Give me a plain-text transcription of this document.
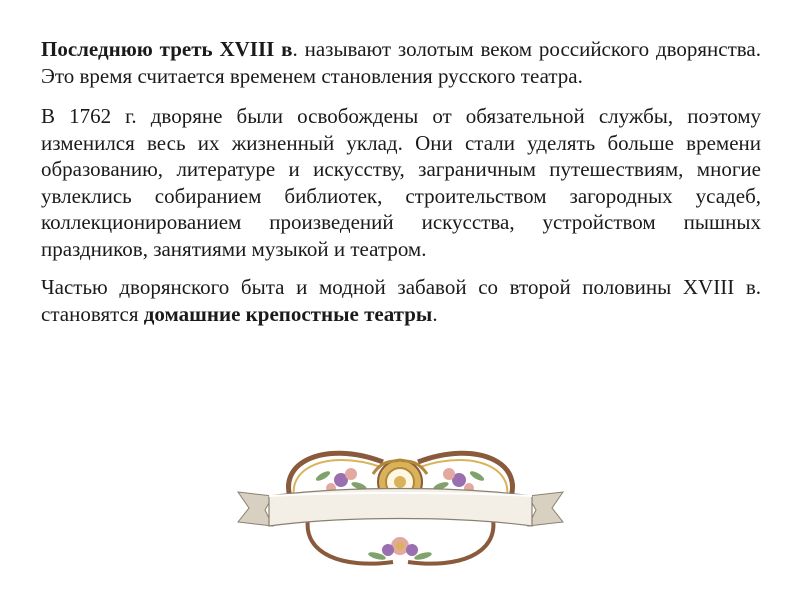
Последнюю треть XVIII в. называют золотым веком российского дворянства. Это время считается временем становления русского театра.

В 1762 г. дворяне были освобождены от обязательной службы, поэтому изменился весь их жизненный уклад. Они стали уделять больше времени образованию, литературе и искусству, заграничным путешествиям, многие увлеклись собиранием библиотек, строительством загородных усадеб, коллекционированием произведений искусства, устройством пышных праздников, занятиями музыкой и театром.

Частью дворянского быта и модной забавой со второй половины XVIII в. становятся домашние крепостные театры.
